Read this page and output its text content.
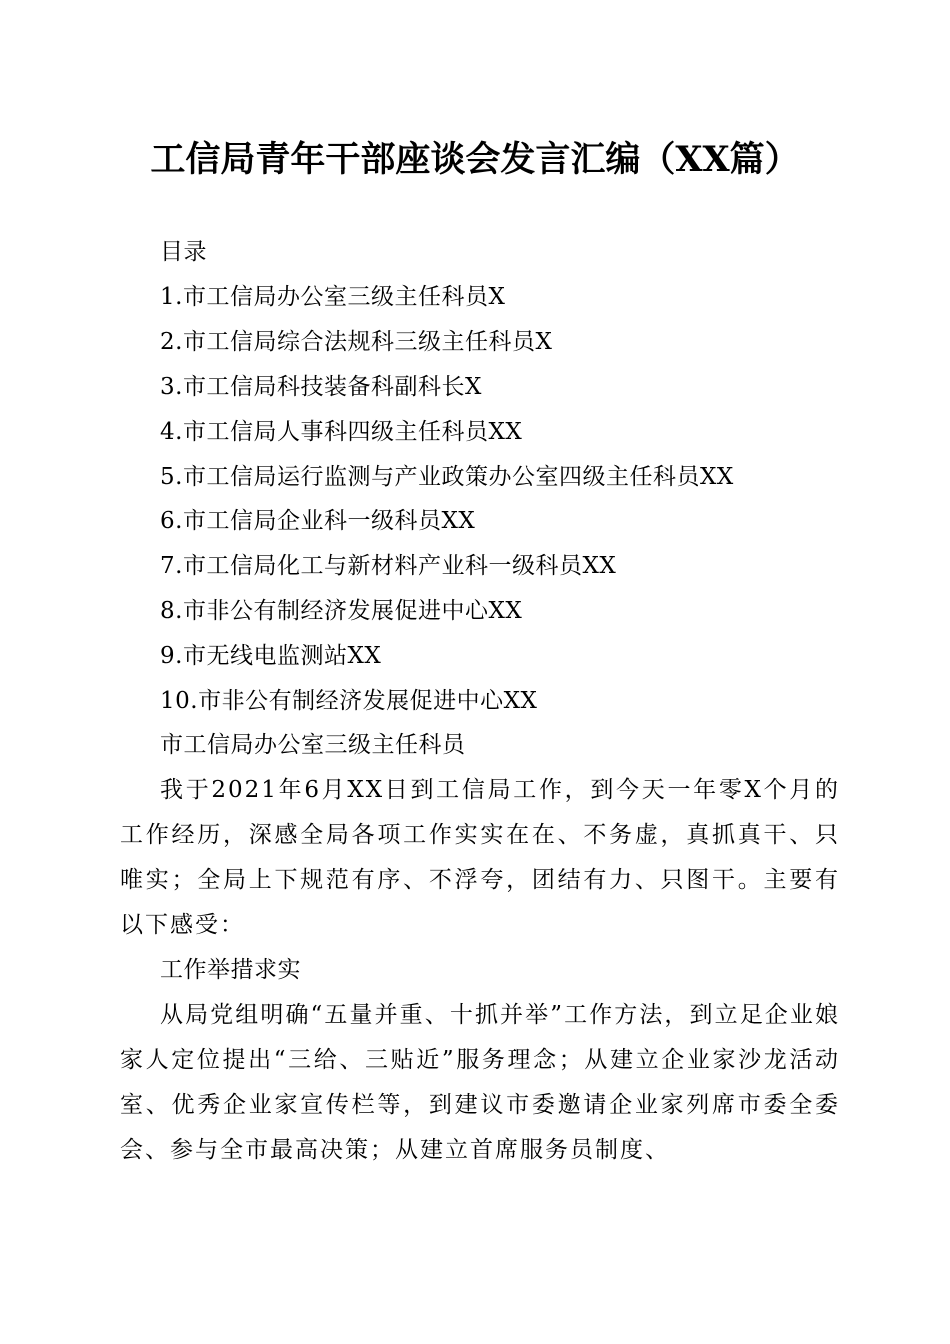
工信局青年干部座谈会发言汇编（XX篇）
目录
1.市工信局办公室三级主任科员X
2.市工信局综合法规科三级主任科员X
3.市工信局科技装备科副科长X
4.市工信局人事科四级主任科员XX
5.市工信局运行监测与产业政策办公室四级主任科员XX
6.市工信局企业科一级科员XX
7.市工信局化工与新材料产业科一级科员XX
8.市非公有制经济发展促进中心XX
9.市无线电监测站XX
10.市非公有制经济发展促进中心XX
市工信局办公室三级主任科员
我于2021年6月XX日到工信局工作，到今天一年零X个月的工作经历，深感全局各项工作实实在在、不务虚，真抓真干、只唯实；全局上下规范有序、不浮夸，团结有力、只图干。主要有以下感受：
工作举措求实
从局党组明确“五量并重、十抓并举”工作方法，到立足企业娘家人定位提出“三给、三贴近”服务理念；从建立企业家沙龙活动室、优秀企业家宣传栏等，到建议市委邀请企业家列席市委全委会、参与全市最高决策；从建立首席服务员制度、
